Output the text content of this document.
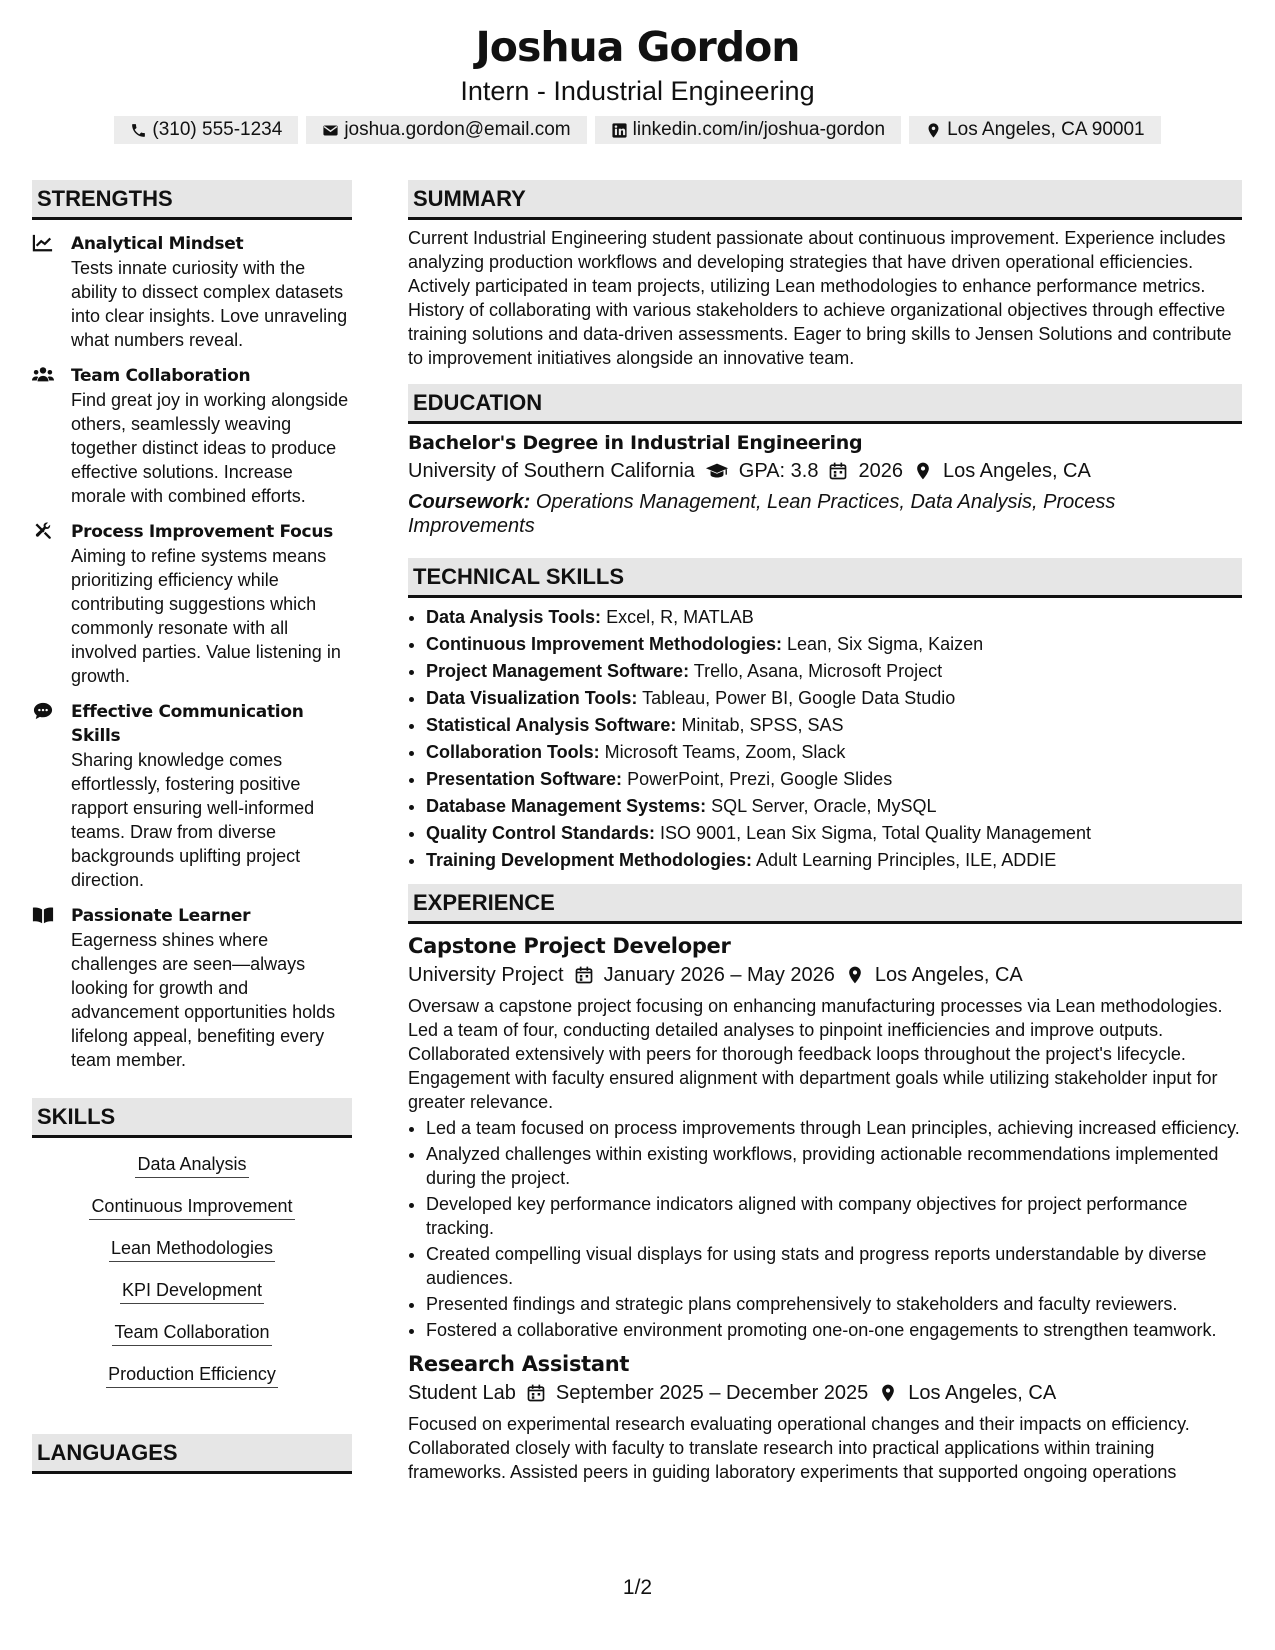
Joshua Gordon
Intern - Industrial Engineering
(310) 555-1234	joshua.gordon@email.com	linkedin.com/in/joshua-gordon	Los Angeles, CA 90001
STRENGTHS
Analytical Mindset
Tests innate curiosity with the ability to dissect complex datasets into clear insights. Love unraveling what numbers reveal.
Team Collaboration
Find great joy in working alongside others, seamlessly weaving together distinct ideas to produce effective solutions. Increase morale with combined efforts.
Process Improvement Focus
Aiming to refine systems means prioritizing efficiency while contributing suggestions which commonly resonate with all involved parties. Value listening in growth.
Effective Communication Skills
Sharing knowledge comes effortlessly, fostering positive rapport ensuring well-informed teams. Draw from diverse backgrounds uplifting project direction.
Passionate Learner
Eagerness shines where challenges are seen—always looking for growth and advancement opportunities holds lifelong appeal, benefiting every team member.
SKILLS
Data Analysis
Continuous Improvement
Lean Methodologies
KPI Development
Team Collaboration
Production Efficiency
LANGUAGES
SUMMARY
Current Industrial Engineering student passionate about continuous improvement. Experience includes analyzing production workflows and developing strategies that have driven operational efficiencies. Actively participated in team projects, utilizing Lean methodologies to enhance performance metrics. History of collaborating with various stakeholders to achieve organizational objectives through effective training solutions and data-driven assessments. Eager to bring skills to Jensen Solutions and contribute to improvement initiatives alongside an innovative team.
EDUCATION
Bachelor's Degree in Industrial Engineering
University of Southern California GPA: 3.8 2026 Los Angeles, CA
Coursework: Operations Management, Lean Practices, Data Analysis, Process Improvements
TECHNICAL SKILLS
• Data Analysis Tools: Excel, R, MATLAB
• Continuous Improvement Methodologies: Lean, Six Sigma, Kaizen
• Project Management Software: Trello, Asana, Microsoft Project
• Data Visualization Tools: Tableau, Power BI, Google Data Studio
• Statistical Analysis Software: Minitab, SPSS, SAS
• Collaboration Tools: Microsoft Teams, Zoom, Slack
• Presentation Software: PowerPoint, Prezi, Google Slides
• Database Management Systems: SQL Server, Oracle, MySQL
• Quality Control Standards: ISO 9001, Lean Six Sigma, Total Quality Management
• Training Development Methodologies: Adult Learning Principles, ILE, ADDIE
EXPERIENCE
Capstone Project Developer
University Project January 2026 – May 2026 Los Angeles, CA
Oversaw a capstone project focusing on enhancing manufacturing processes via Lean methodologies. Led a team of four, conducting detailed analyses to pinpoint inefficiencies and improve outputs. Collaborated extensively with peers for thorough feedback loops throughout the project's lifecycle. Engagement with faculty ensured alignment with department goals while utilizing stakeholder input for greater relevance.
• Led a team focused on process improvements through Lean principles, achieving increased efficiency.
• Analyzed challenges within existing workflows, providing actionable recommendations implemented during the project.
• Developed key performance indicators aligned with company objectives for project performance tracking.
• Created compelling visual displays for using stats and progress reports understandable by diverse audiences.
• Presented findings and strategic plans comprehensively to stakeholders and faculty reviewers.
• Fostered a collaborative environment promoting one-on-one engagements to strengthen teamwork.
Research Assistant
Student Lab September 2025 – December 2025 Los Angeles, CA
Focused on experimental research evaluating operational changes and their impacts on efficiency. Collaborated closely with faculty to translate research into practical applications within training frameworks. Assisted peers in guiding laboratory experiments that supported ongoing operations
1/2
